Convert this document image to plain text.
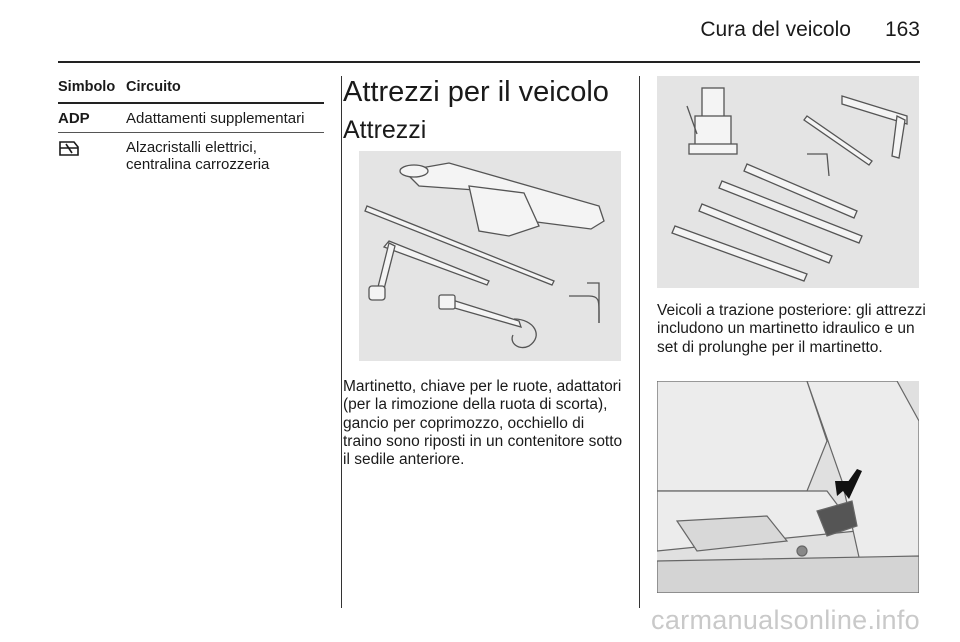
Cura del veicolo 163
Simbolo Circuito
ADP	Adattamenti supplementari
Alzacristalli elettrici, centralina carrozzeria
Attrezzi per il veicolo
Attrezzi

Martinetto, chiave per le ruote, adattatori (per la rimozione della ruota di scorta), gancio per coprimozzo, occhiello di traino sono riposti in un contenitore sotto il sedile anteriore.

Veicoli a trazione posteriore: gli attrezzi includono un martinetto idraulico e un set di prolunghe per il martinetto.

carmanualsonline.info
